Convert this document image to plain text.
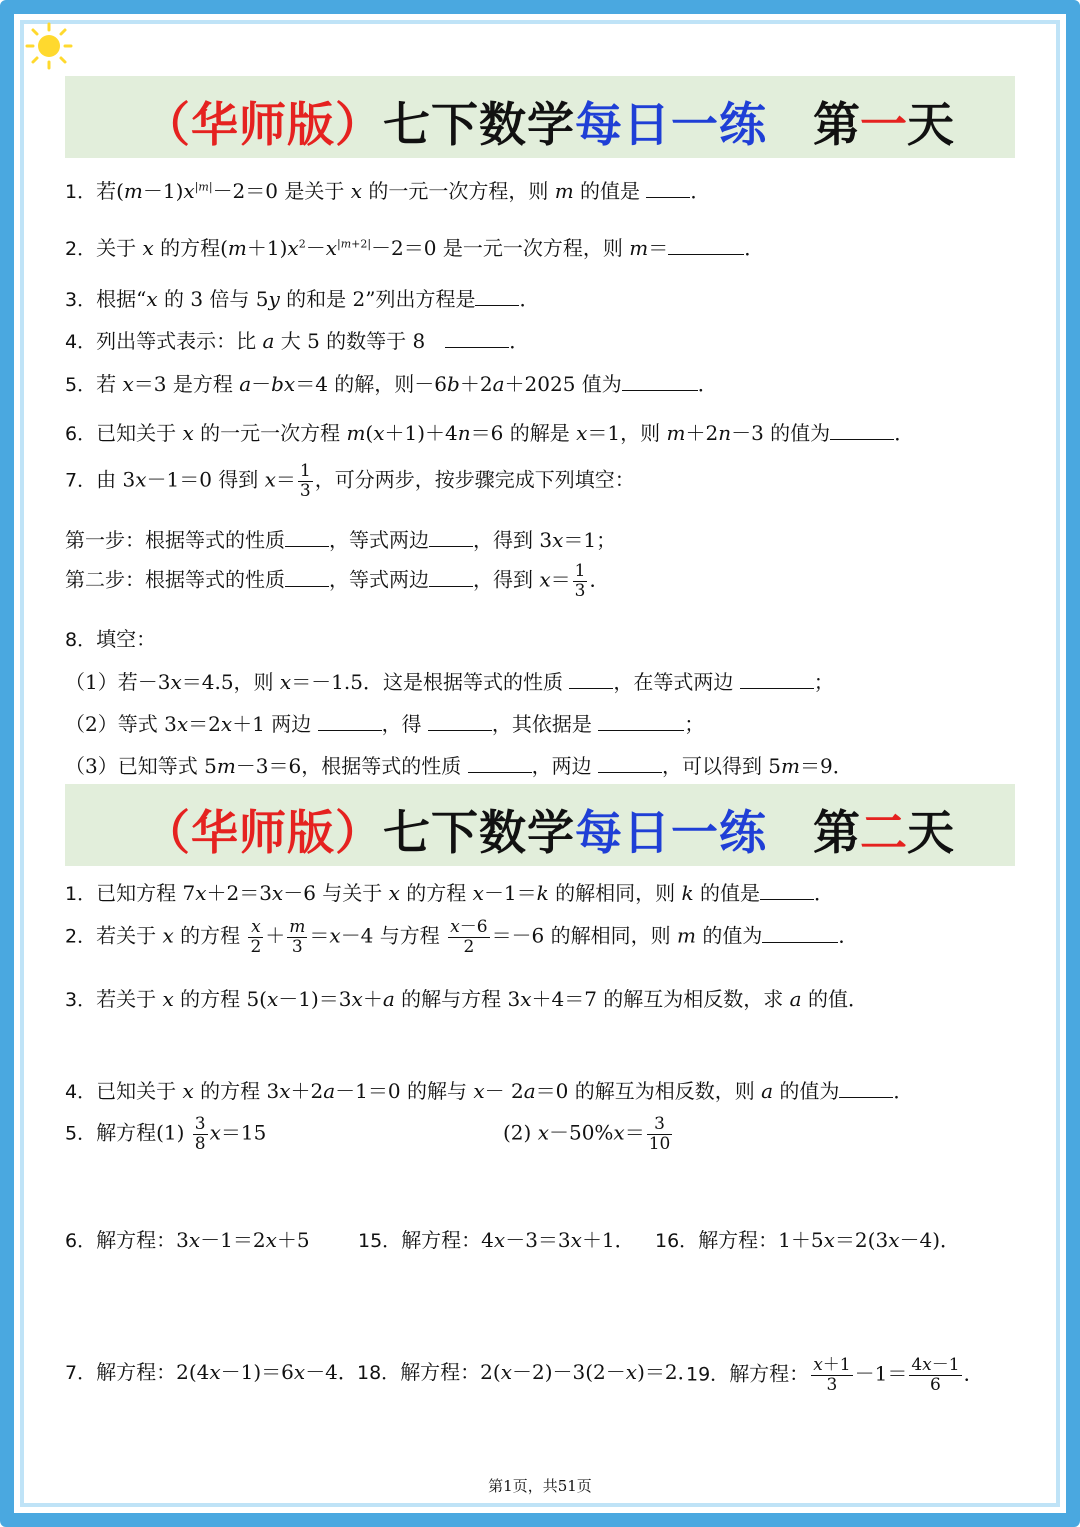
（华师版）七下数学每日一练 第一天
1．若$(m-1)x^{|m|}-2=0$ 是关于 x 的一元一次方程，则 m 的值是 ．
2．关于 x 的方程$(m+1)x^2-x^{|m+2|}-2=0$ 是一元一次方程，则 m＝	．
3．根据“x 的 3 倍与 5y 的和是 2”列出方程是 ．
4．列出等式表示：比 a 大 5 的数等于 8　	．
5．若 x＝3 是方程 a－bx＝4 的解，则－6b＋2a＋2025 值为	．
6．已知关于 x 的一元一次方程 m(x＋1)＋4n＝6 的解是 x＝1，则 m＋2n－3 的值为	．
7．由 3x－1＝0 得到 $x= \frac{1}{3}$ ，可分两步，按步骤完成下列填空：
第一步：根据等式的性质 ，等式两边 ，得到 3x＝1；
第二步：根据等式的性质 ，等式两边 ，得到 $x= \frac{1}{3}$ ．
8．填空：
（1）若－3x＝4.5，则 x＝－1.5．这是根据等式的性质 ，在等式两边	；
（2）等式 3x＝2x＋1 两边	，得	，其依据是	；
（3）已知等式 5m－3＝6，根据等式的性质	，两边	，可以得到 5m＝9．
（华师版）七下数学每日一练 第二天
1．已知方程 7x＋2＝3x－6 与关于 x 的方程 x－1＝k 的解相同，则 k 的值是	．
2．若关于 x 的方程 $\frac{x}{2} + \frac{m}{3} =x-4$ 与方程 $\frac{x-6}{2} =-6$ 的解相同，则 m 的值为	．
3．若关于 x 的方程 5(x－1)＝3x＋a 的解与方程 3x＋4＝7 的解互为相反数，求 a 的值．
4．已知关于 x 的方程 3x＋2a－1＝0 的解与 x－ 2a＝0 的解互为相反数，则 a 的值为	．
5．解方程$(1) \frac{3}{8} x=15$	(2) $x-50\%x= \frac{3}{10}$
6．解方程：3x－1＝2x＋5	15．解方程：4x－3＝3x＋1． 16．解方程：1＋5x＝2(3x－4)．
7．解方程：2(4x－1)＝6x－4． 18．解方程：2(x－2)－3(2－x)＝2．
19．解方程： $\frac{x+1}{3} -1= \frac{4x-1}{6}$ ．
第1页，共51页
